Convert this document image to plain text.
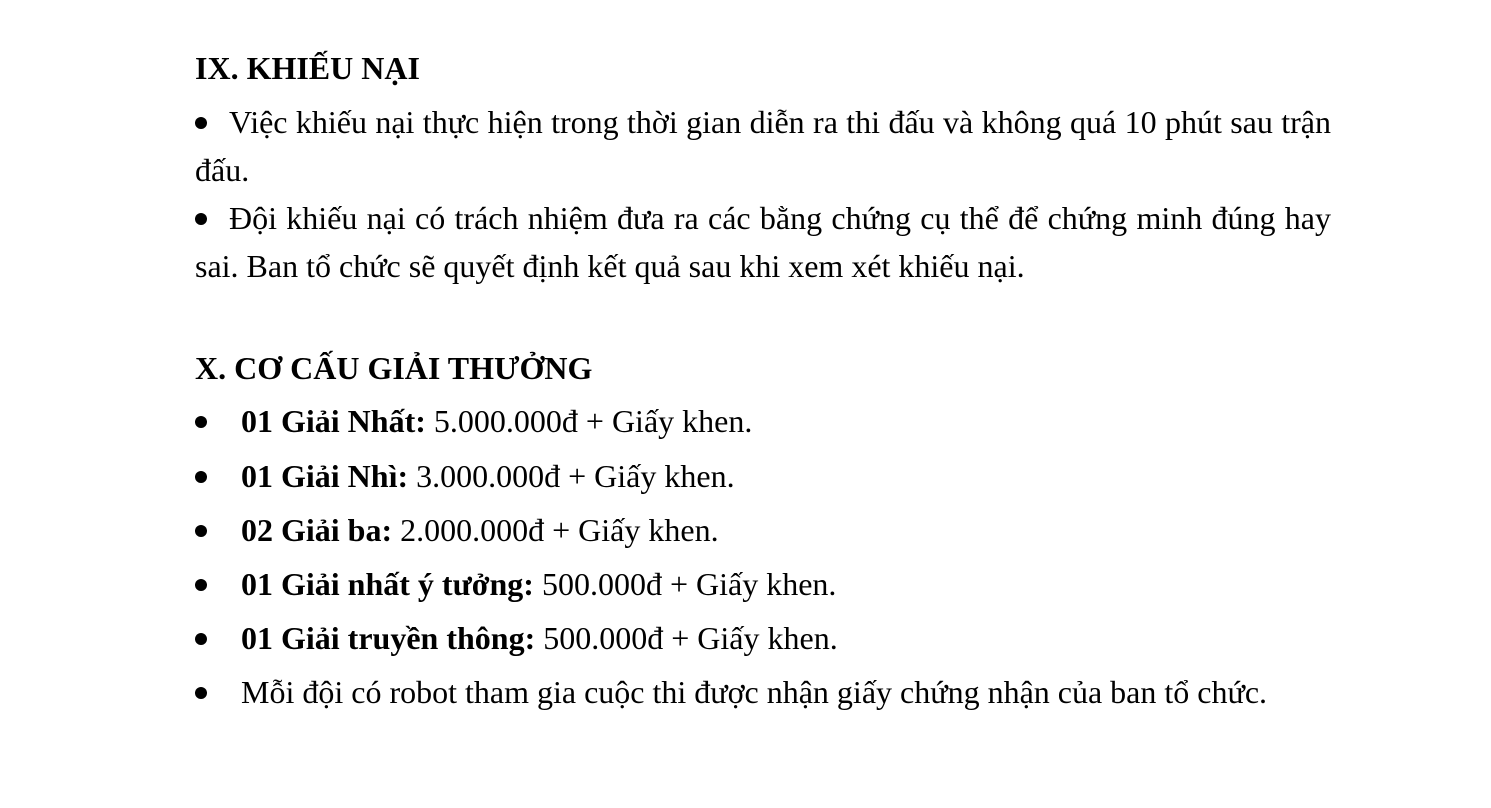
IX. KHIẾU NẠI
Việc khiếu nại thực hiện trong thời gian diễn ra thi đấu và không quá 10 phút sau trận đấu.
Đội khiếu nại có trách nhiệm đưa ra các bằng chứng cụ thể để chứng minh đúng hay sai. Ban tổ chức sẽ quyết định kết quả sau khi xem xét khiếu nại.
X. CƠ CẤU GIẢI THƯỞNG
01 Giải Nhất: 5.000.000đ + Giấy khen.
01 Giải Nhì: 3.000.000đ + Giấy khen.
02 Giải ba: 2.000.000đ + Giấy khen.
01 Giải nhất ý tưởng: 500.000đ + Giấy khen.
01 Giải truyền thông: 500.000đ + Giấy khen.
Mỗi đội có robot tham gia cuộc thi được nhận giấy chứng nhận của ban tổ chức.
